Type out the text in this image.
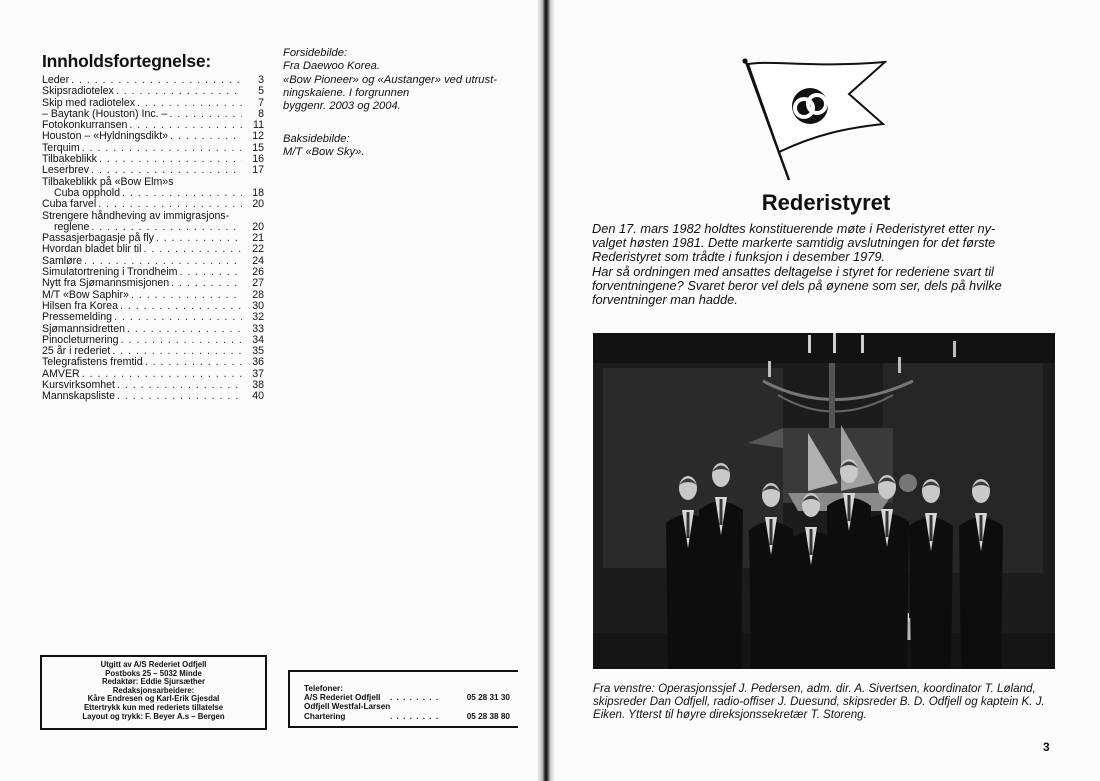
Innholdsfortegnelse:
Leder . . .	3
Skipsradiotelex . . .	5
Skip med radiotelex . . .	7
– Baytank (Houston) Inc. – . . .	8
Fotokonkurransen . . .	11
Houston – «Hyldningsdikt» . . .	12
Terquim . . .	15
Tilbakeblikk . . .	16
Leserbrev . . .	17
Tilbakeblikk på «Bow Elm»s
Cuba opphold . . .	18
Cuba farvel . . .	20
Strengere håndheving av immigrasjons-
reglene . . .	20
Passasjerbagasje på fly . . .	21
Hvordan bladet blir til . . .	22
Samløre . . .	24
Simulatortrening i Trondheim . . .	26
Nytt fra Sjømannsmisjonen . . .	27
M/T «Bow Saphir» . . .	28
Hilsen fra Korea . . .	30
Pressemelding . . .	32
Sjømannsidretten . . .	33
Pinocleturnering . . .	34
25 år i rederiet . . .	35
Telegrafistens fremtid . . .	36
AMVER . . .	37
Kursvirksomhet . . .	38
Mannskapsliste . . .	40
Forsidebilde:
Fra Daewoo Korea.
«Bow Pioneer» og «Austanger» ved utrust-
ningskaiene. I forgrunnen
byggenr. 2003 og 2004.
Baksidebilde:
M/T «Bow Sky».
Utgitt av A/S Rederiet Odfjell
Postboks 25 – 5032 Minde
Redaktør: Eddie Sjursæther
Redaksjonsarbeidere:
Kåre Endresen og Karl-Erik Gjesdal
Ettertrykk kun med rederiets tillatelse
Layout og trykk: F. Beyer A.s – Bergen
Telefoner:
A/S Rederiet Odfjell . . .	05 28 31 30
Odfjell Westfal-Larsen
Chartering . . .	05 28 38 80
Rederistyret
Den 17. mars 1982 holdtes konstituerende møte i Rederistyret etter ny-
valget høsten 1981. Dette markerte samtidig avslutningen for det første
Rederistyret som trådte i funksjon i desember 1979.
Har så ordningen med ansattes deltagelse i styret for rederiene svart til
forventningene? Svaret beror vel dels på øynene som ser, dels på hvilke
forventninger man hadde.
Fra venstre: Operasjonssjef J. Pedersen, adm. dir. A. Sivertsen, koordinator T. Løland,
skipsreder Dan Odfjell, radio-offiser J. Duesund, skipsreder B. D. Odfjell og kaptein K. J.
Eiken. Ytterst til høyre direksjonssekretær T. Storeng.
3
